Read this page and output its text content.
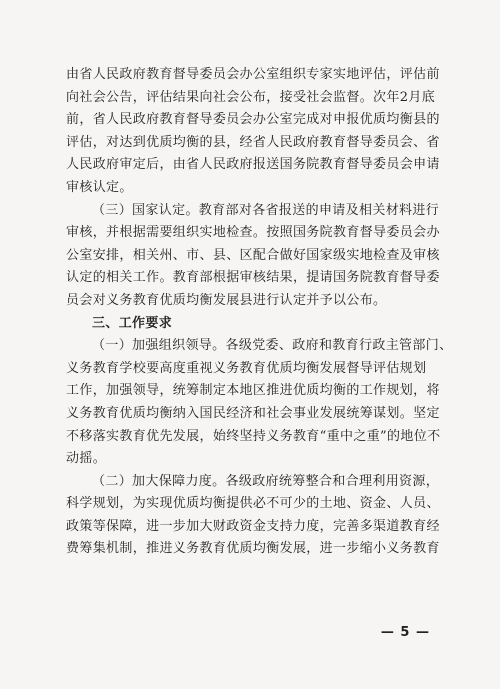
由省人民政府教育督导委员会办公室组织专家实地评估，评估前
向社会公告，评估结果向社会公布，接受社会监督。次年2月底
前，省人民政府教育督导委员会办公室完成对申报优质均衡县的
评估，对达到优质均衡的县，经省人民政府教育督导委员会、省
人民政府审定后，由省人民政府报送国务院教育督导委员会申请
审核认定。
（三）国家认定。教育部对各省报送的申请及相关材料进行
审核，并根据需要组织实地检查。按照国务院教育督导委员会办
公室安排，相关州、市、县、区配合做好国家级实地检查及审核
认定的相关工作。教育部根据审核结果，提请国务院教育督导委
员会对义务教育优质均衡发展县进行认定并予以公布。
三、工作要求
（一）加强组织领导。各级党委、政府和教育行政主管部门、
义务教育学校要高度重视义务教育优质均衡发展督导评估规划
工作，加强领导，统筹制定本地区推进优质均衡的工作规划，将
义务教育优质均衡纳入国民经济和社会事业发展统筹谋划。坚定
不移落实教育优先发展，始终坚持义务教育“重中之重”的地位不
动摇。
（二）加大保障力度。各级政府统筹整合和合理利用资源，
科学规划，为实现优质均衡提供必不可少的土地、资金、人员、
政策等保障，进一步加大财政资金支持力度，完善多渠道教育经
费筹集机制，推进义务教育优质均衡发展，进一步缩小义务教育
— 5 —
